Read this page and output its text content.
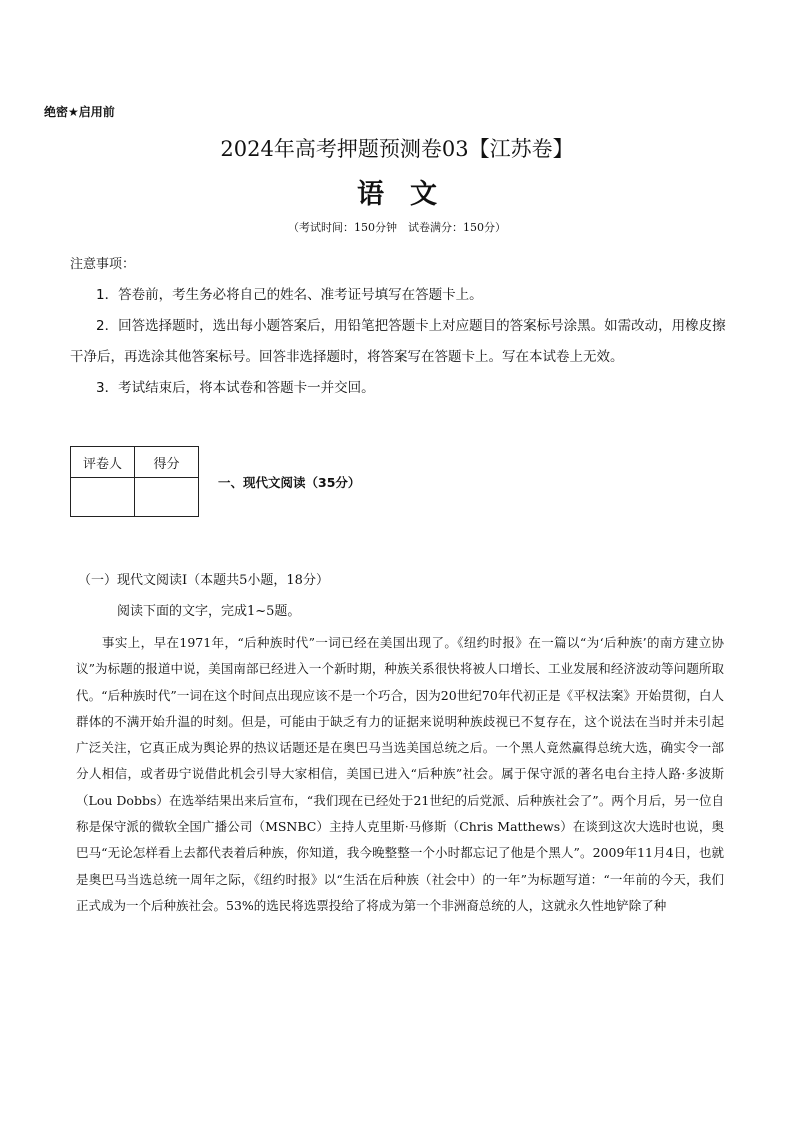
绝密★启用前
2024年高考押题预测卷03【江苏卷】
语文
（考试时间：150分钟　试卷满分：150分）
注意事项：
1．答卷前，考生务必将自己的姓名、准考证号填写在答题卡上。
2．回答选择题时，选出每小题答案后，用铅笔把答题卡上对应题目的答案标号涂黑。如需改动，用橡皮擦干净后，再选涂其他答案标号。回答非选择题时，将答案写在答题卡上。写在本试卷上无效。
3．考试结束后，将本试卷和答题卡一并交回。
评卷人	得分

一、现代文阅读（35分）
（一）现代文阅读Ⅰ（本题共5小题，18分）
阅读下面的文字，完成1~5题。

事实上，早在1971年，“后种族时代”一词已经在美国出现了。《纽约时报》在一篇以“为‘后种族’的南方建立协议”为标题的报道中说，美国南部已经进入一个新时期，种族关系很快将被人口增长、工业发展和经济波动等问题所取代。“后种族时代”一词在这个时间点出现应该不是一个巧合，因为20世纪70年代初正是《平权法案》开始贯彻，白人群体的不满开始升温的时刻。但是，可能由于缺乏有力的证据来说明种族歧视已不复存在，这个说法在当时并未引起广泛关注，它真正成为舆论界的热议话题还是在奥巴马当选美国总统之后。一个黑人竟然赢得总统大选，确实令一部分人相信，或者毋宁说借此机会引导大家相信，美国已进入“后种族”社会。属于保守派的著名电台主持人路·多波斯（Lou Dobbs）在选举结果出来后宣布，“我们现在已经处于21世纪的后党派、后种族社会了”。两个月后，另一位自称是保守派的微软全国广播公司（MSNBC）主持人克里斯·马修斯（Chris Matthews）在谈到这次大选时也说，奥巴马“无论怎样看上去都代表着后种族，你知道，我今晚整整一个小时都忘记了他是个黑人”。2009年11月4日，也就是奥巴马当选总统一周年之际，《纽约时报》以“生活在后种族（社会中）的一年”为标题写道：“一年前的今天，我们正式成为一个后种族社会。53%的选民将选票投给了将成为第一个非洲裔总统的人，这就永久性地铲除了种
